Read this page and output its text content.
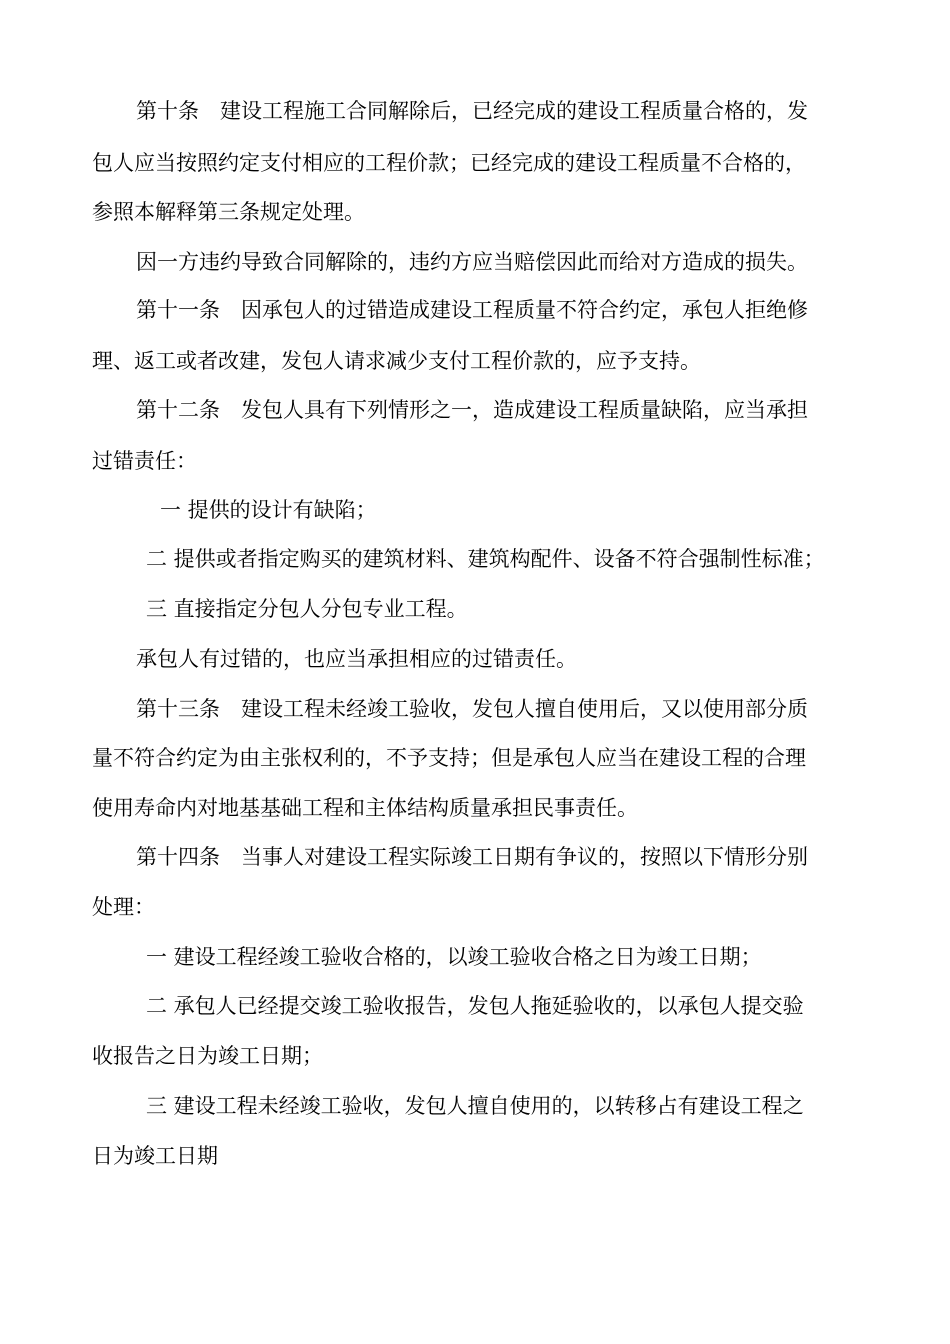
第十条　建设工程施工合同解除后，已经完成的建设工程质量合格的，发
包人应当按照约定支付相应的工程价款；已经完成的建设工程质量不合格的，
参照本解释第三条规定处理。
因一方违约导致合同解除的，违约方应当赔偿因此而给对方造成的损失。
第十一条　因承包人的过错造成建设工程质量不符合约定，承包人拒绝修
理、返工或者改建，发包人请求减少支付工程价款的，应予支持。
第十二条　发包人具有下列情形之一，造成建设工程质量缺陷，应当承担
过错责任：
一 提供的设计有缺陷；
二 提供或者指定购买的建筑材料、建筑构配件、设备不符合强制性标准；
三 直接指定分包人分包专业工程。
承包人有过错的，也应当承担相应的过错责任。
第十三条　建设工程未经竣工验收，发包人擅自使用后，又以使用部分质
量不符合约定为由主张权利的，不予支持；但是承包人应当在建设工程的合理
使用寿命内对地基基础工程和主体结构质量承担民事责任。
第十四条　当事人对建设工程实际竣工日期有争议的，按照以下情形分别
处理：
一 建设工程经竣工验收合格的，以竣工验收合格之日为竣工日期；
二 承包人已经提交竣工验收报告，发包人拖延验收的，以承包人提交验
收报告之日为竣工日期；
三 建设工程未经竣工验收，发包人擅自使用的，以转移占有建设工程之
日为竣工日期
